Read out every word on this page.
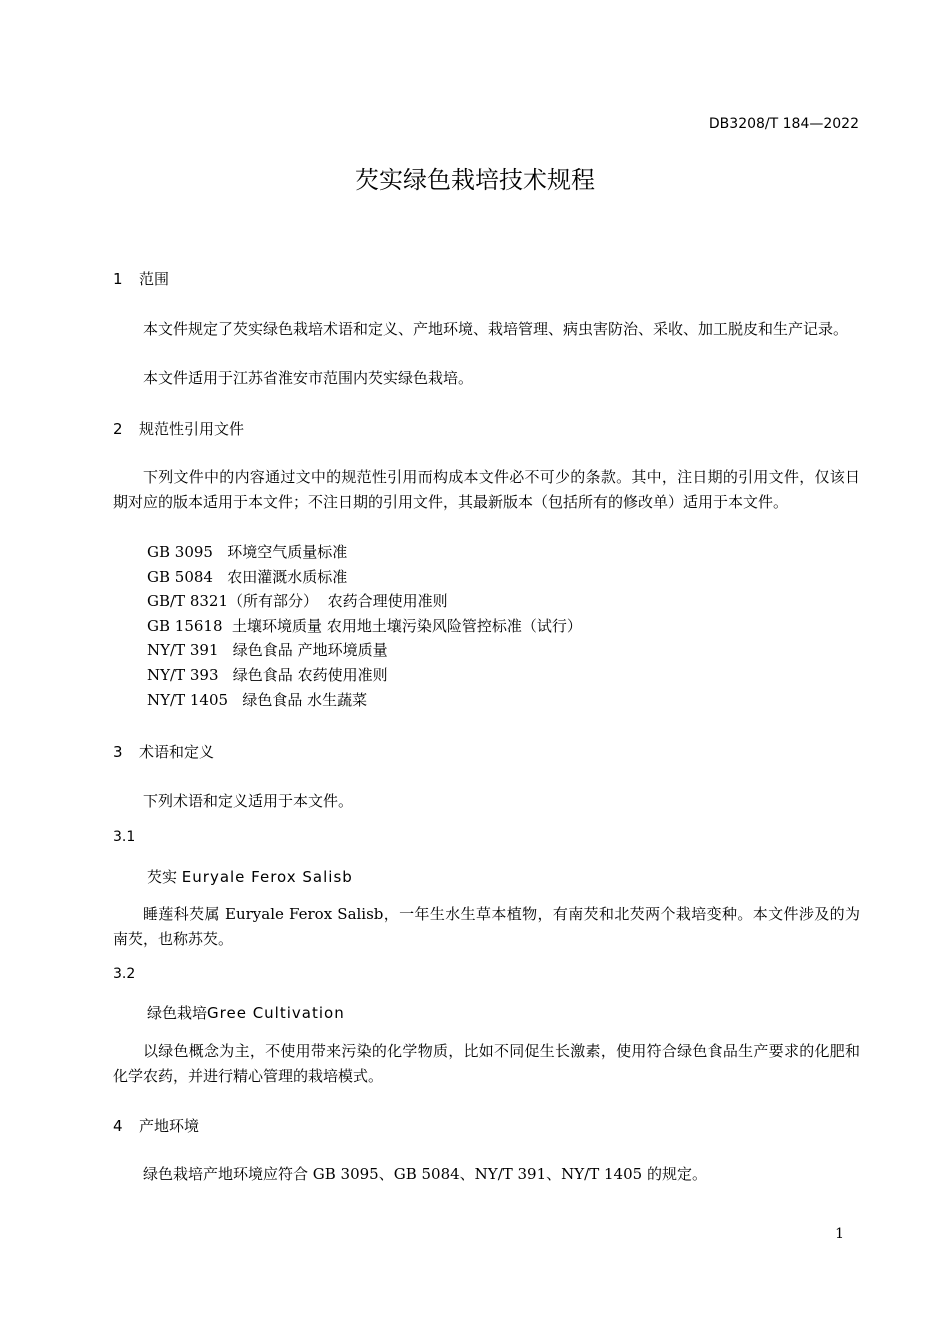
DB3208/T 184—2022
芡实绿色栽培技术规程
1 范围
本文件规定了芡实绿色栽培术语和定义、产地环境、栽培管理、病虫害防治、采收、加工脱皮和生产记录。
本文件适用于江苏省淮安市范围内芡实绿色栽培。
2 规范性引用文件
下列文件中的内容通过文中的规范性引用而构成本文件必不可少的条款。其中，注日期的引用文件，仅该日期对应的版本适用于本文件；不注日期的引用文件，其最新版本（包括所有的修改单）适用于本文件。
GB 3095 环境空气质量标准
GB 5084 农田灌溉水质标准
GB/T 8321（所有部分） 农药合理使用准则
GB 15618 土壤环境质量 农用地土壤污染风险管控标准（试行）
NY/T 391 绿色食品 产地环境质量
NY/T 393 绿色食品 农药使用准则
NY/T 1405 绿色食品 水生蔬菜
3 术语和定义
下列术语和定义适用于本文件。
3.1
芡实 Euryale Ferox Salisb
睡莲科芡属 Euryale Ferox Salisb，一年生水生草本植物，有南芡和北芡两个栽培变种。本文件涉及的为南芡，也称苏芡。
3.2
绿色栽培Gree Cultivation
以绿色概念为主，不使用带来污染的化学物质，比如不同促生长激素，使用符合绿色食品生产要求的化肥和化学农药，并进行精心管理的栽培模式。
4 产地环境
绿色栽培产地环境应符合 GB 3095、GB 5084、NY/T 391、NY/T 1405 的规定。
1
